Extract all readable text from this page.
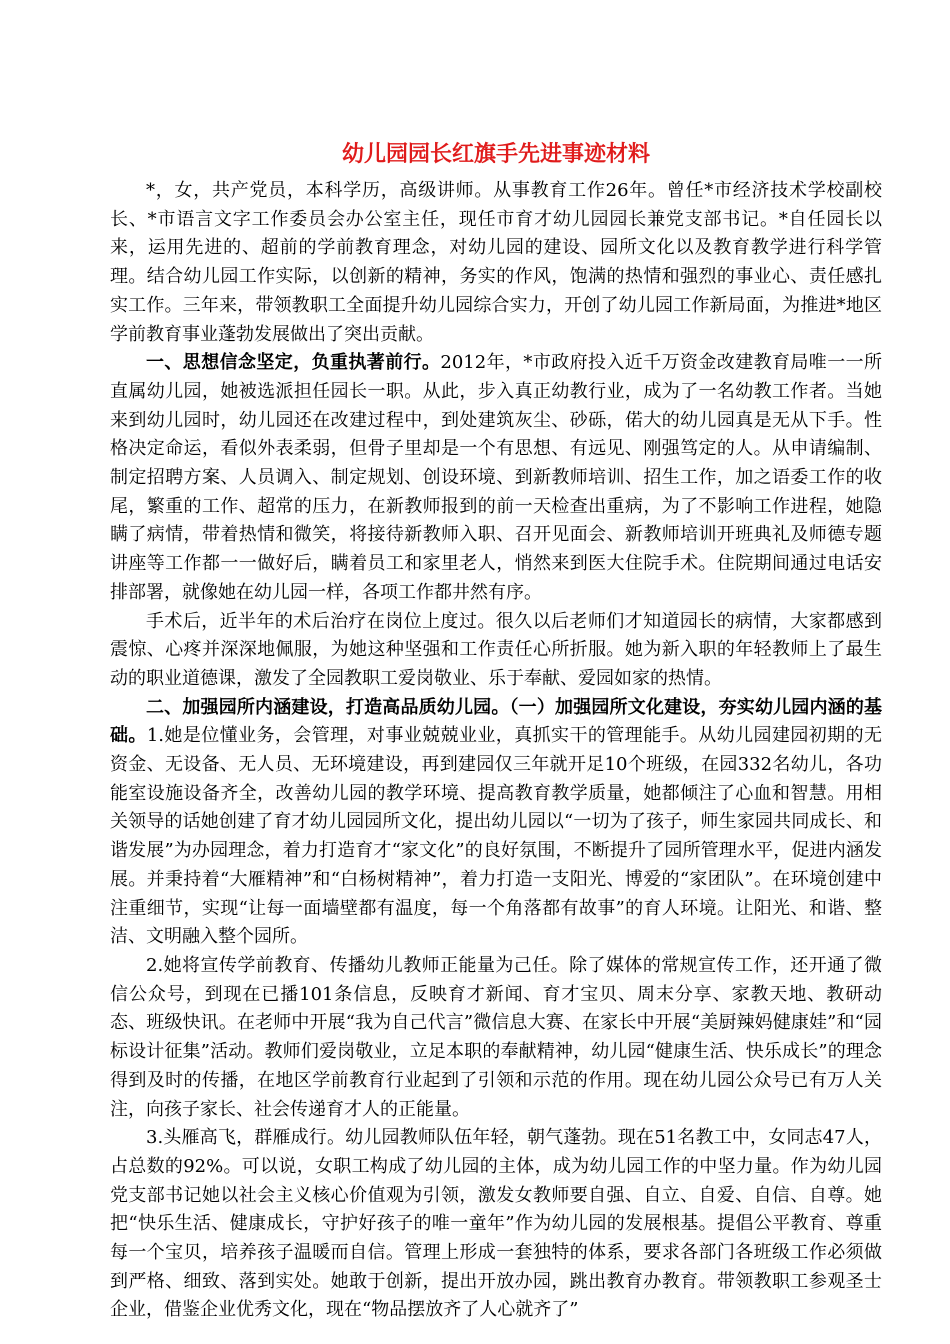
幼儿园园长红旗手先进事迹材料

*，女，共产党员，本科学历，高级讲师。从事教育工作26年。曾任*市经济技术学校副校长、*市语言文字工作委员会办公室主任，现任市育才幼儿园园长兼党支部书记。*自任园长以来，运用先进的、超前的学前教育理念，对幼儿园的建设、园所文化以及教育教学进行科学管理。结合幼儿园工作实际，以创新的精神，务实的作风，饱满的热情和强烈的事业心、责任感扎实工作。三年来，带领教职工全面提升幼儿园综合实力，开创了幼儿园工作新局面，为推进*地区学前教育事业蓬勃发展做出了突出贡献。

一、思想信念坚定，负重执著前行。2012年，*市政府投入近千万资金改建教育局唯一一所直属幼儿园，她被选派担任园长一职。从此，步入真正幼教行业，成为了一名幼教工作者。当她来到幼儿园时，幼儿园还在改建过程中，到处建筑灰尘、砂砾，偌大的幼儿园真是无从下手。性格决定命运，看似外表柔弱，但骨子里却是一个有思想、有远见、刚强笃定的人。从申请编制、制定招聘方案、人员调入、制定规划、创设环境、到新教师培训、招生工作，加之语委工作的收尾，繁重的工作、超常的压力，在新教师报到的前一天检查出重病，为了不影响工作进程，她隐瞒了病情，带着热情和微笑，将接待新教师入职、召开见面会、新教师培训开班典礼及师德专题讲座等工作都一一做好后，瞒着员工和家里老人，悄然来到医大住院手术。住院期间通过电话安排部署，就像她在幼儿园一样，各项工作都井然有序。

手术后，近半年的术后治疗在岗位上度过。很久以后老师们才知道园长的病情，大家都感到震惊、心疼并深深地佩服，为她这种坚强和工作责任心所折服。她为新入职的年轻教师上了最生动的职业道德课，激发了全园教职工爱岗敬业、乐于奉献、爱园如家的热情。

二、加强园所内涵建设，打造高品质幼儿园。（一）加强园所文化建设，夯实幼儿园内涵的基础。1.她是位懂业务，会管理，对事业兢兢业业，真抓实干的管理能手。从幼儿园建园初期的无资金、无设备、无人员、无环境建设，再到建园仅三年就开足10个班级，在园332名幼儿，各功能室设施设备齐全，改善幼儿园的教学环境、提高教育教学质量，她都倾注了心血和智慧。用相关领导的话她创建了育才幼儿园园所文化，提出幼儿园以“一切为了孩子，师生家园共同成长、和谐发展”为办园理念，着力打造育才“家文化”的良好氛围，不断提升了园所管理水平，促进内涵发展。并秉持着“大雁精神”和“白杨树精神”，着力打造一支阳光、博爱的“家团队”。在环境创建中注重细节，实现“让每一面墙壁都有温度，每一个角落都有故事”的育人环境。让阳光、和谐、整洁、文明融入整个园所。

2.她将宣传学前教育、传播幼儿教师正能量为己任。除了媒体的常规宣传工作，还开通了微信公众号，到现在已播101条信息，反映育才新闻、育才宝贝、周末分享、家教天地、教研动态、班级快讯。在老师中开展“我为自己代言”微信息大赛、在家长中开展“美厨辣妈健康娃”和“园标设计征集”活动。教师们爱岗敬业，立足本职的奉献精神，幼儿园“健康生活、快乐成长”的理念得到及时的传播，在地区学前教育行业起到了引领和示范的作用。现在幼儿园公众号已有万人关注，向孩子家长、社会传递育才人的正能量。

3.头雁高飞，群雁成行。幼儿园教师队伍年轻，朝气蓬勃。现在51名教工中，女同志47人，占总数的92%。可以说，女职工构成了幼儿园的主体，成为幼儿园工作的中坚力量。作为幼儿园党支部书记她以社会主义核心价值观为引领，激发女教师要自强、自立、自爱、自信、自尊。她把“快乐生活、健康成长，守护好孩子的唯一童年”作为幼儿园的发展根基。提倡公平教育、尊重每一个宝贝，培养孩子温暖而自信。管理上形成一套独特的体系，要求各部门各班级工作必须做到严格、细致、落到实处。她敢于创新，提出开放办园，跳出教育办教育。带领教职工参观圣士企业，借鉴企业优秀文化，现在“物品摆放齐了人心就齐了”
